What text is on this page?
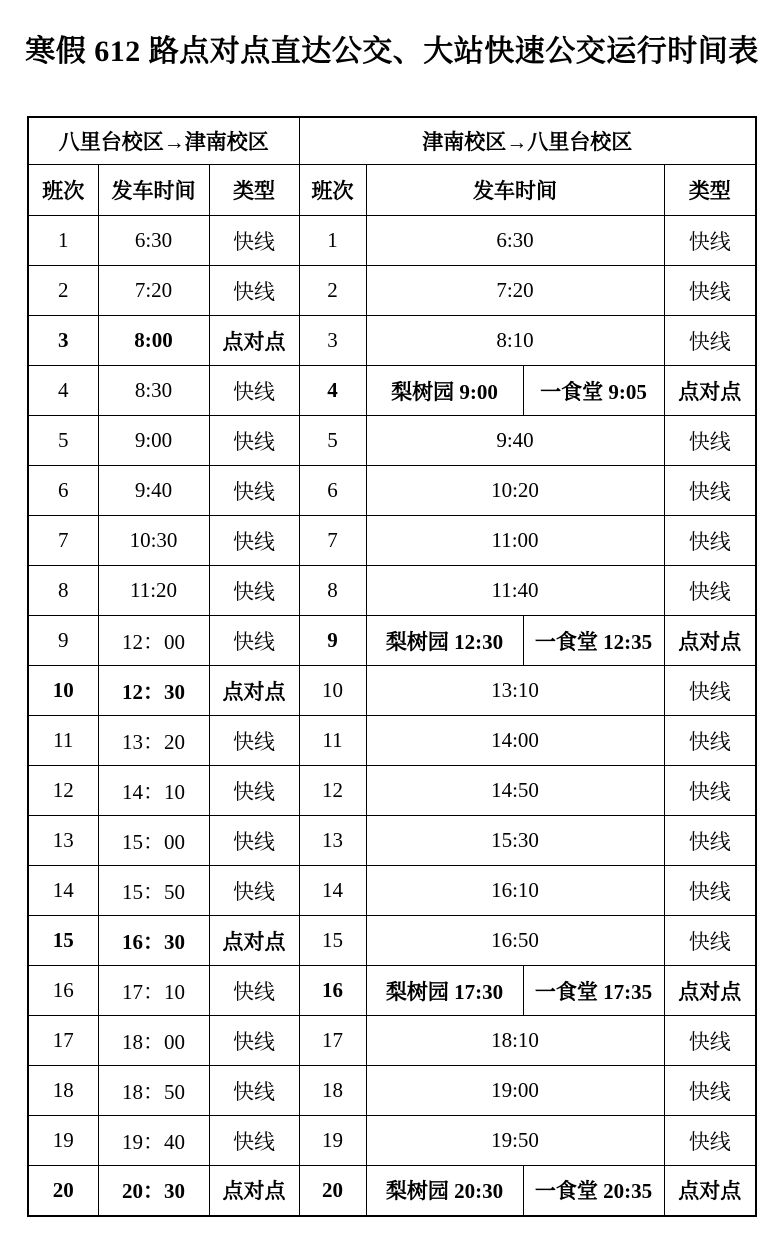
寒假 612 路点对点直达公交、大站快速公交运行时间表
八里台校区→津南校区			津南校区→八里台校区			
班次	发车时间	类型	班次	发车时间		类型
1	6:30	快线	1	6:30		快线
2	7:20	快线	2	7:20		快线
3	8:00	点对点	3	8:10		快线
4	8:30	快线	4	梨树园 9:00	一食堂 9:05	点对点
5	9:00	快线	5	9:40		快线
6	9:40	快线	6	10:20		快线
7	10:30	快线	7	11:00		快线
8	11:20	快线	8	11:40		快线
9	12：00	快线	9	梨树园 12:30	一食堂 12:35	点对点
10	12：30	点对点	10	13:10		快线
11	13：20	快线	11	14:00		快线
12	14：10	快线	12	14:50		快线
13	15：00	快线	13	15:30		快线
14	15：50	快线	14	16:10		快线
15	16：30	点对点	15	16:50		快线
16	17：10	快线	16	梨树园 17:30	一食堂 17:35	点对点
17	18：00	快线	17	18:10		快线
18	18：50	快线	18	19:00		快线
19	19：40	快线	19	19:50		快线
20	20：30	点对点	20	梨树园 20:30	一食堂 20:35	点对点
